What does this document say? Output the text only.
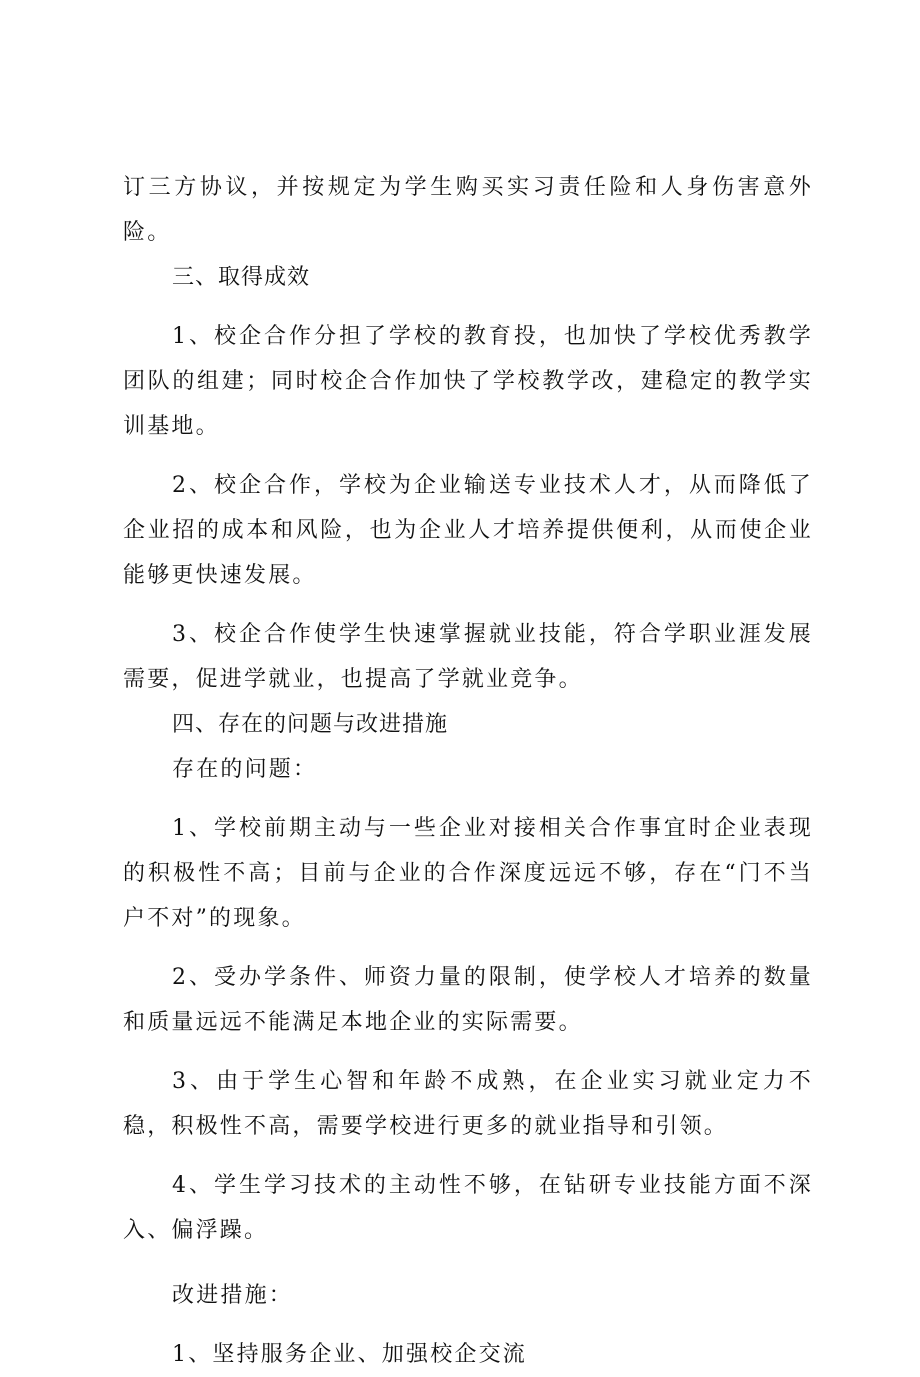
订三方协议，并按规定为学生购买实习责任险和人身伤害意外险。

三、取得成效

1、校企合作分担了学校的教育投，也加快了学校优秀教学团队的组建；同时校企合作加快了学校教学改，建稳定的教学实训基地。

2、校企合作，学校为企业输送专业技术人才，从而降低了企业招的成本和风险，也为企业人才培养提供便利，从而使企业能够更快速发展。

3、校企合作使学生快速掌握就业技能，符合学职业涯发展需要，促进学就业，也提高了学就业竞争。

四、存在的问题与改进措施

存在的问题：

1、学校前期主动与一些企业对接相关合作事宜时企业表现的积极性不高；目前与企业的合作深度远远不够，存在“门不当户不对”的现象。

2、受办学条件、师资力量的限制，使学校人才培养的数量和质量远远不能满足本地企业的实际需要。

3、由于学生心智和年龄不成熟，在企业实习就业定力不稳，积极性不高，需要学校进行更多的就业指导和引领。

4、学生学习技术的主动性不够，在钻研专业技能方面不深入、偏浮躁。

改进措施：

1、坚持服务企业、加强校企交流
